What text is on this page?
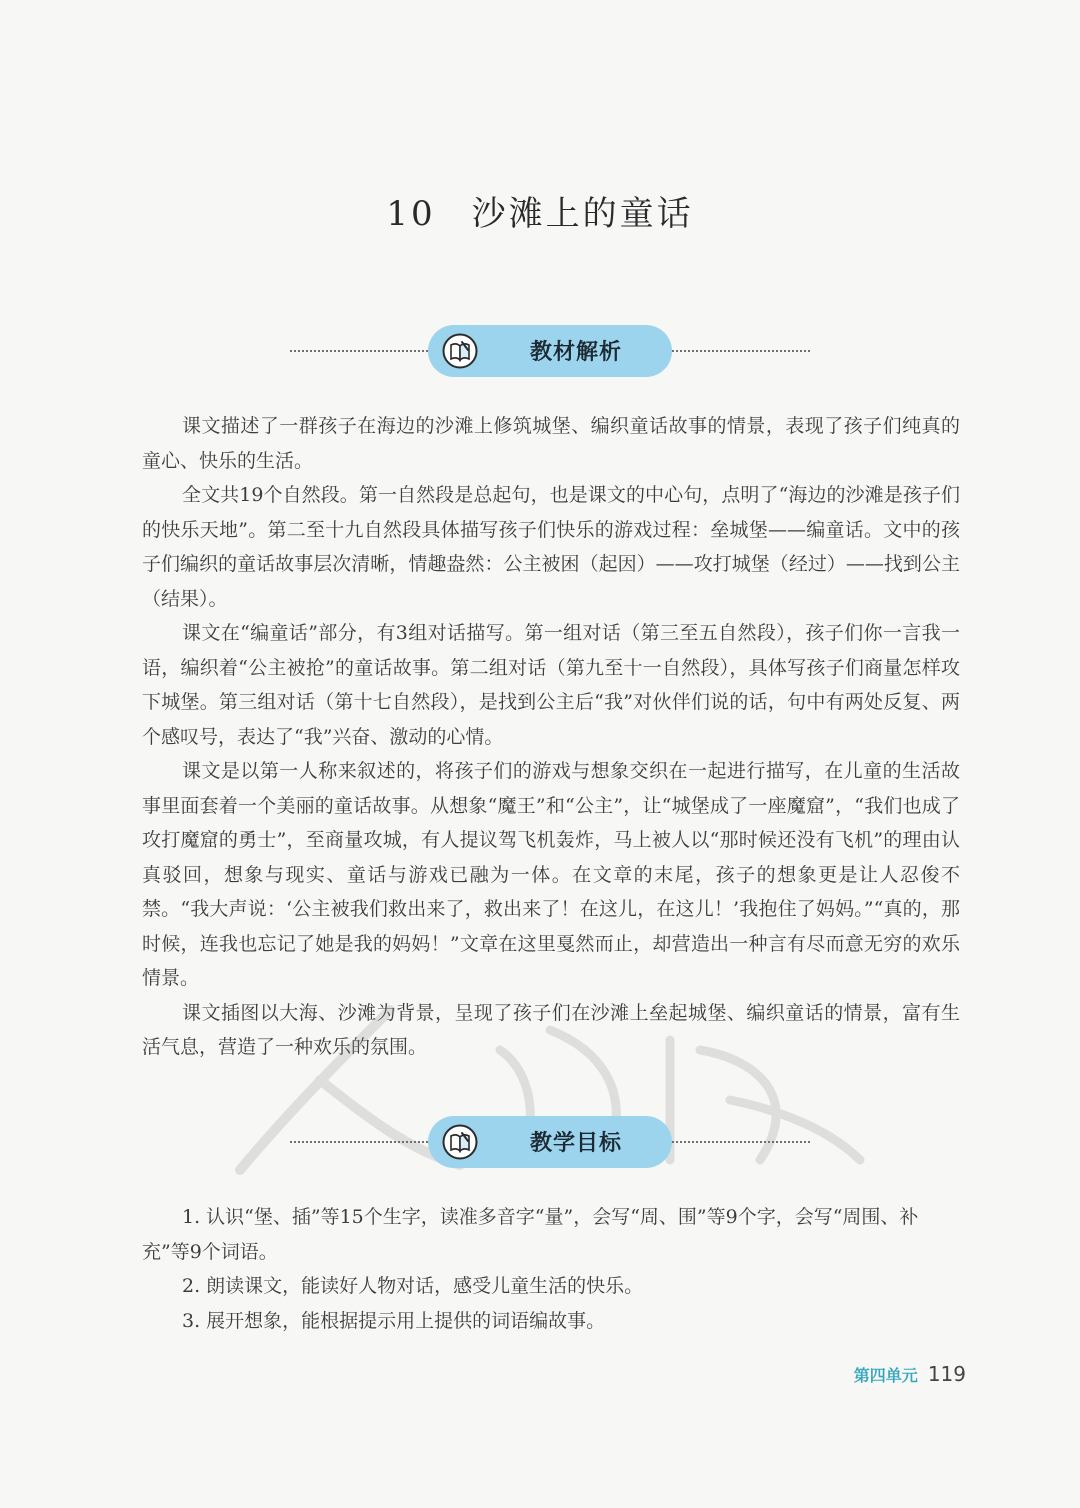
10 沙滩上的童话
教材解析

课文描述了一群孩子在海边的沙滩上修筑城堡、编织童话故事的情景，表现了孩子们纯真的童心、快乐的生活。

全文共19个自然段。第一自然段是总起句，也是课文的中心句，点明了“海边的沙滩是孩子们的快乐天地”。第二至十九自然段具体描写孩子们快乐的游戏过程：垒城堡——编童话。文中的孩子们编织的童话故事层次清晰，情趣盎然：公主被困（起因）——攻打城堡（经过）——找到公主（结果）。

课文在“编童话”部分，有3组对话描写。第一组对话（第三至五自然段），孩子们你一言我一语，编织着“公主被抢”的童话故事。第二组对话（第九至十一自然段），具体写孩子们商量怎样攻下城堡。第三组对话（第十七自然段），是找到公主后“我”对伙伴们说的话，句中有两处反复、两个感叹号，表达了“我”兴奋、激动的心情。

课文是以第一人称来叙述的，将孩子们的游戏与想象交织在一起进行描写，在儿童的生活故事里面套着一个美丽的童话故事。从想象“魔王”和“公主”，让“城堡成了一座魔窟”，“我们也成了攻打魔窟的勇士”，至商量攻城，有人提议驾飞机轰炸，马上被人以“那时候还没有飞机”的理由认真驳回，想象与现实、童话与游戏已融为一体。在文章的末尾，孩子的想象更是让人忍俊不禁。“我大声说：‘公主被我们救出来了，救出来了！在这儿，在这儿！’我抱住了妈妈。”“真的，那时候，连我也忘记了她是我的妈妈！”文章在这里戛然而止，却营造出一种言有尽而意无穷的欢乐情景。

课文插图以大海、沙滩为背景，呈现了孩子们在沙滩上垒起城堡、编织童话的情景，富有生活气息，营造了一种欢乐的氛围。

教学目标

1. 认识“堡、插”等15个生字，读准多音字“量”，会写“周、围”等9个字，会写“周围、补充”等9个词语。

2. 朗读课文，能读好人物对话，感受儿童生活的快乐。

3. 展开想象，能根据提示用上提供的词语编故事。

第四单元 119
